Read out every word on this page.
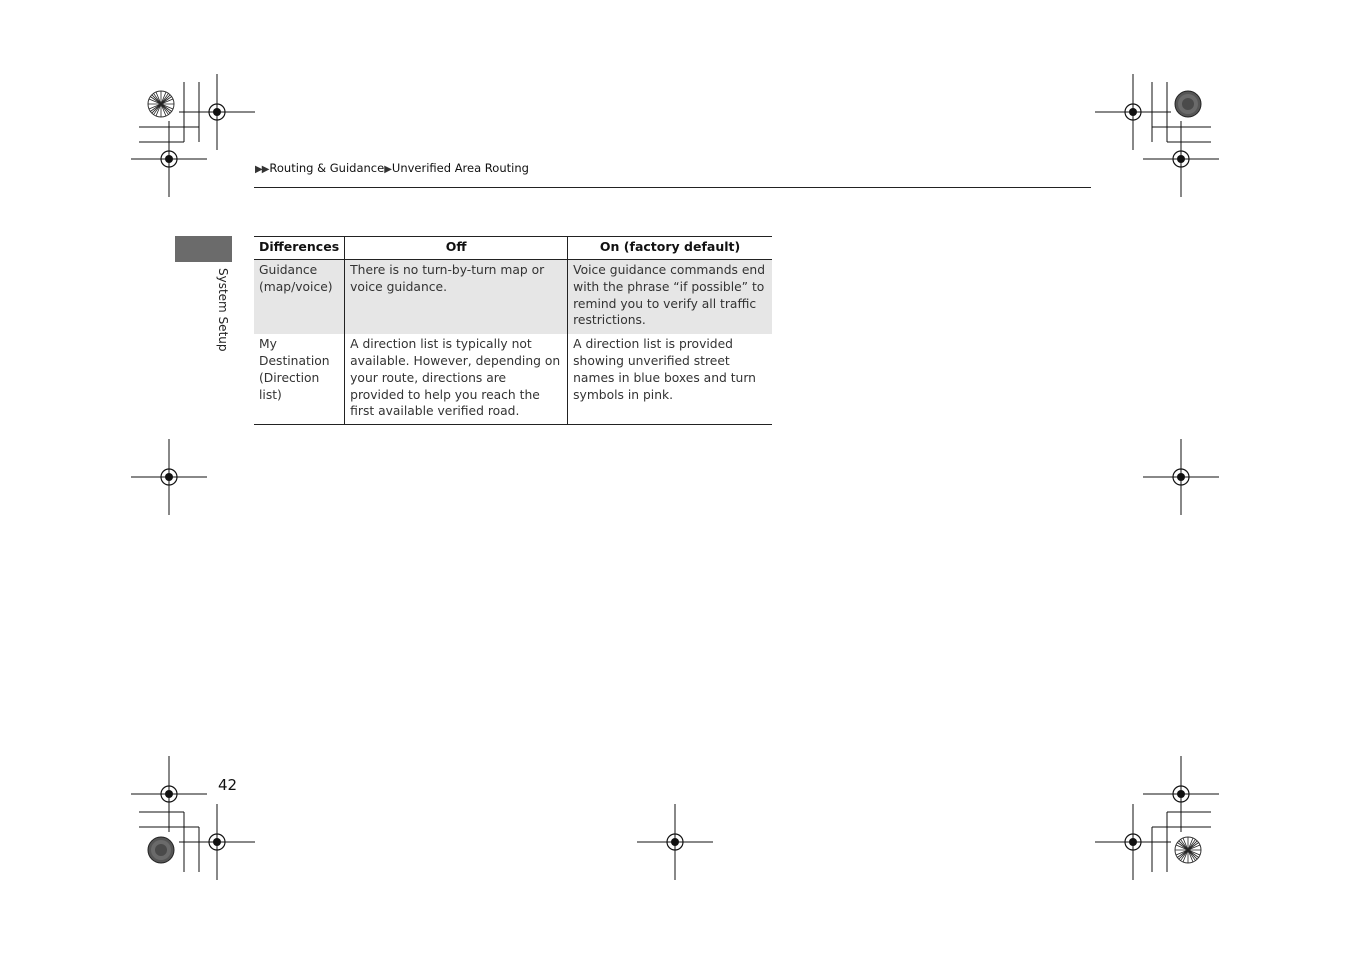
▶▶Routing & Guidance▶Unverified Area Routing
System Setup
Differences	Off	On (factory default)
Guidance (map/voice)	There is no turn-by-turn map or voice guidance.	Voice guidance commands end with the phrase “if possible” to remind you to verify all traffic restrictions.
My Destination (Direction list)	A direction list is typically not available. However, depending on your route, directions are provided to help you reach the first available verified road.	A direction list is provided showing unverified street names in blue boxes and turn symbols in pink.
42
